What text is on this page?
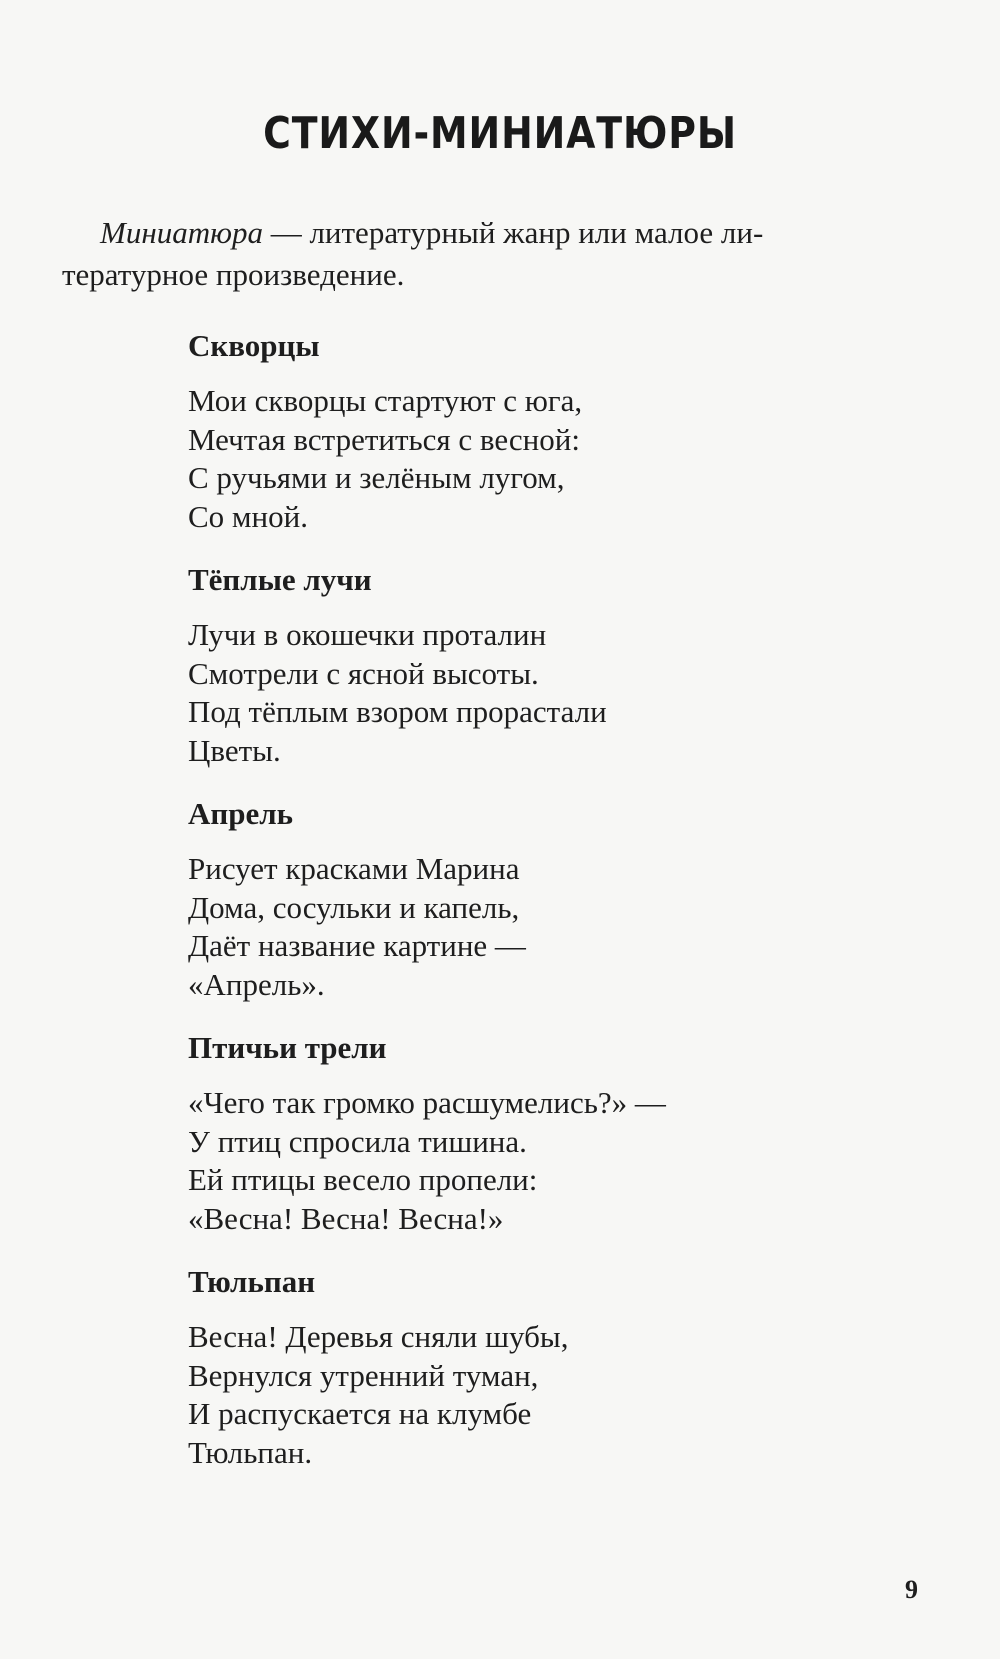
СТИХИ-МИНИАТЮРЫ
Миниатюра — литературный жанр или малое ли-
тературное произведение.
Скворцы
Мои скворцы стартуют с юга,
Мечтая встретиться с весной:
С ручьями и зелёным лугом,
Со мной.
Тёплые лучи
Лучи в окошечки проталин
Смотрели с ясной высоты.
Под тёплым взором прорастали
Цветы.
Апрель
Рисует красками Марина
Дома, сосульки и капель,
Даёт название картине —
«Апрель».
Птичьи трели
«Чего так громко расшумелись?» —
У птиц спросила тишина.
Ей птицы весело пропели:
«Весна! Весна! Весна!»
Тюльпан
Весна! Деревья сняли шубы,
Вернулся утренний туман,
И распускается на клумбе
Тюльпан.
9
